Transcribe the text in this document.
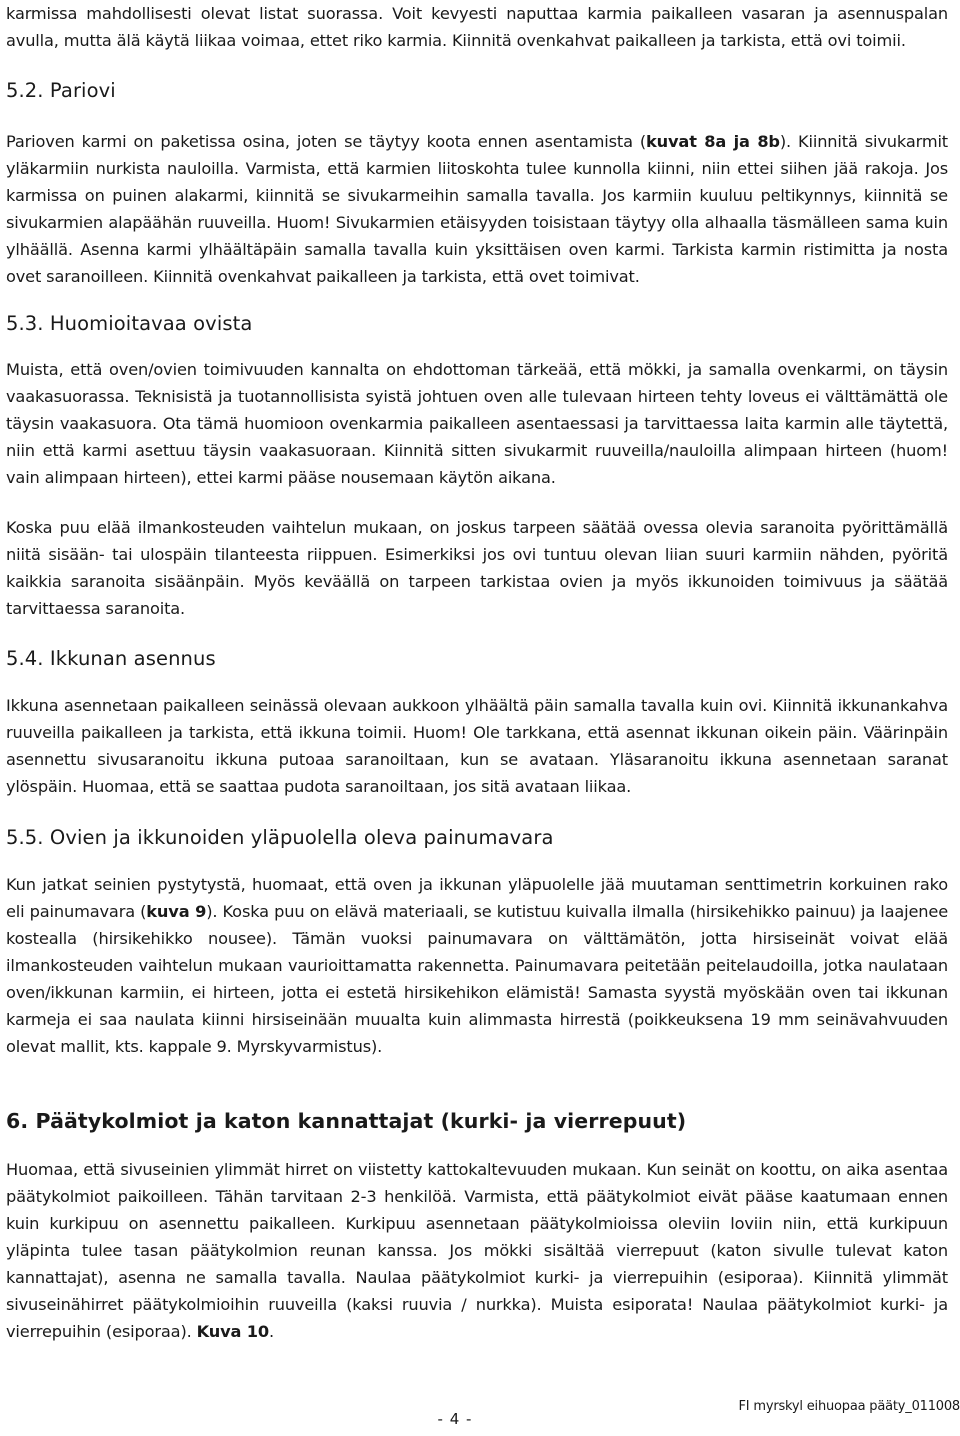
karmissa mahdollisesti olevat listat suorassa. Voit kevyesti naputtaa karmia paikalleen vasaran ja asennuspalan avulla, mutta älä käytä liikaa voimaa, ettet riko karmia. Kiinnitä ovenkahvat paikalleen ja tarkista, että ovi toimii.

5.2. Pariovi

Parioven karmi on paketissa osina, joten se täytyy koota ennen asentamista (kuvat 8a ja 8b). Kiinnitä sivukarmit yläkarmiin nurkista nauloilla. Varmista, että karmien liitoskohta tulee kunnolla kiinni, niin ettei siihen jää rakoja. Jos karmissa on puinen alakarmi, kiinnitä se sivukarmeihin samalla tavalla. Jos karmiin kuuluu peltikynnys, kiinnitä se sivukarmien alapäähän ruuveilla. Huom! Sivukarmien etäisyyden toisistaan täytyy olla alhaalla täsmälleen sama kuin ylhäällä. Asenna karmi ylhäältäpäin samalla tavalla kuin yksittäisen oven karmi. Tarkista karmin ristimitta ja nosta ovet saranoilleen. Kiinnitä ovenkahvat paikalleen ja tarkista, että ovet toimivat.

5.3. Huomioitavaa ovista

Muista, että oven/ovien toimivuuden kannalta on ehdottoman tärkeää, että mökki, ja samalla ovenkarmi, on täysin vaakasuorassa. Teknisistä ja tuotannollisista syistä johtuen oven alle tulevaan hirteen tehty loveus ei välttämättä ole täysin vaakasuora. Ota tämä huomioon ovenkarmia paikalleen asentaessasi ja tarvittaessa laita karmin alle täytettä, niin että karmi asettuu täysin vaakasuoraan. Kiinnitä sitten sivukarmit ruuveilla/nauloilla alimpaan hirteen (huom! vain alimpaan hirteen), ettei karmi pääse nousemaan käytön aikana.

Koska puu elää ilmankosteuden vaihtelun mukaan, on joskus tarpeen säätää ovessa olevia saranoita pyörittämällä niitä sisään- tai ulospäin tilanteesta riippuen. Esimerkiksi jos ovi tuntuu olevan liian suuri karmiin nähden, pyöritä kaikkia saranoita sisäänpäin. Myös keväällä on tarpeen tarkistaa ovien ja myös ikkunoiden toimivuus ja säätää tarvittaessa saranoita.

5.4. Ikkunan asennus

Ikkuna asennetaan paikalleen seinässä olevaan aukkoon ylhäältä päin samalla tavalla kuin ovi. Kiinnitä ikkunankahva ruuveilla paikalleen ja tarkista, että ikkuna toimii. Huom! Ole tarkkana, että asennat ikkunan oikein päin. Väärinpäin asennettu sivusaranoitu ikkuna putoaa saranoiltaan, kun se avataan. Yläsaranoitu ikkuna asennetaan saranat ylöspäin. Huomaa, että se saattaa pudota saranoiltaan, jos sitä avataan liikaa.

5.5. Ovien ja ikkunoiden yläpuolella oleva painumavara

Kun jatkat seinien pystytystä, huomaat, että oven ja ikkunan yläpuolelle jää muutaman senttimetrin korkuinen rako eli painumavara (kuva 9). Koska puu on elävä materiaali, se kutistuu kuivalla ilmalla (hirsikehikko painuu) ja laajenee kostealla (hirsikehikko nousee). Tämän vuoksi painumavara on välttämätön, jotta hirsiseinät voivat elää ilmankosteuden vaihtelun mukaan vaurioittamatta rakennetta. Painumavara peitetään peitelaudoilla, jotka naulataan oven/ikkunan karmiin, ei hirteen, jotta ei estetä hirsikehikon elämistä! Samasta syystä myöskään oven tai ikkunan karmeja ei saa naulata kiinni hirsiseinään muualta kuin alimmasta hirrestä (poikkeuksena 19 mm seinävahvuuden olevat mallit, kts. kappale 9. Myrskyvarmistus).

6. Päätykolmiot ja katon kannattajat (kurki- ja vierrepuut)

Huomaa, että sivuseinien ylimmät hirret on viistetty kattokaltevuuden mukaan. Kun seinät on koottu, on aika asentaa päätykolmiot paikoilleen. Tähän tarvitaan 2-3 henkilöä. Varmista, että päätykolmiot eivät pääse kaatumaan ennen kuin kurkipuu on asennettu paikalleen. Kurkipuu asennetaan päätykolmioissa oleviin loviin niin, että kurkipuun yläpinta tulee tasan päätykolmion reunan kanssa. Jos mökki sisältää vierrepuut (katon sivulle tulevat katon kannattajat), asenna ne samalla tavalla. Naulaa päätykolmiot kurki- ja vierrepuihin (esiporaa). Kiinnitä ylimmät sivuseinähirret päätykolmioihin ruuveilla (kaksi ruuvia / nurkka). Muista esiporata! Naulaa päätykolmiot kurki- ja vierrepuihin (esiporaa). Kuva 10.

- 4 -
FI myrskyl eihuopaa pääty_011008
